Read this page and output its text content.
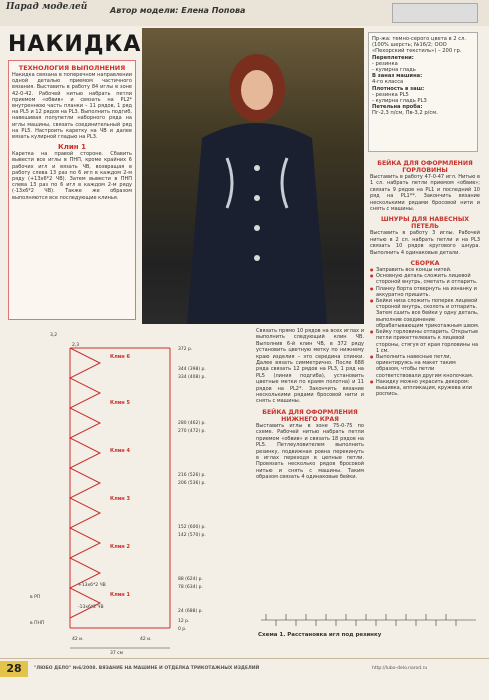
Парад моделей	Автор модели: Елена Попова
НАКИДКА
ТЕХНОЛОГИЯ ВЫПОЛНЕНИЯ
Накидка связана в поперечном направлении одной деталью приемом частичного вязания. Выставить в работу 84 иглы в зоне 42-0-42. Рабочей нитью набрать петли приемом «обвив» и связать на PL2* внутреннюю часть планки – 11 рядов, 1 ряд на PL5 и 12 рядов на PL3. Выполнить подгиб, навешивая полупетли наборного ряда на иглы машины, связать соединительный ряд на PL5. Настроить каретку на ЧВ и далее вязать кулирной гладью на PL3.
Клин 1
Каретка на правой стороне. Сбавить вывести все иглы в ПНП, кроме крайних 6 рабочих игл и вязать ЧВ, возвращая в работу слева 13 раз по 6 игл в каждом 2-м ряду (+13х6*2 ЧВ). Затем вывести в ПНП слева 13 раз по 6 игл в каждом 2-м ряду (-13х6*2 ЧВ). Также же образом выполняются все последующие клинья.
Пр-жа: темно-серого цвета в 2 сл. (100% шерсть; №16/2; ООО «Пехорский текстиль») – 200 гр.
Переплетени:
- резинка
- кулирна гладь
В заназ машина:
4-го класса
Плотность в заш:
- резинка PL5
- кулирна гладь PL3
Петельна проба:
Пг-2,3 п/см, Пв-3,2 р/см.
БЕЙКА ДЛЯ ОФОРМЛЕНИЯ ГОРЛОВИНЫ
Выставить в работу 47-0-47 игл. Нитью в 1 сл. набрать петли приемом «обвив»; связать 9 рядов на PL1 и последний 10 ряд на PL1**. Закончить вязание несколькими рядами бросовой нити и снять с машины.
ШНУРЫ ДЛЯ НАВЕСНЫХ ПЕТЕЛЬ
Выставить в работу 3 иглы. Рабочей нитью в 2 сл. набрать петли и на PL3 связать 10 рядов кругового шнура. Выполнить 4 одинаковые детали.
СБОРКА
● Заправить все концы нитей.
● Основную деталь сложить лицевой стороной внутрь, сметать и отпарить.
● Планку борта отвернуть на изнанку и аккуратно пришить.
● Бейки низа сложить поперек лицевой стороной внутрь, сколоть и отпарить. Затем сшить все бейки у одну деталь, выполнив соединение обрабатывающим трикотажным швом.
● Бейку горловины отпарить. Открытые петли прикеттелевать к лицевой стороны, стягуя от края горловины на 1 см.
● Выполнить навесные петли, ориентируясь на макет таким образом, чтобы петли соответствовали другим кнопочкам.
● Накидку можно украсить декором: вышивка, аппликация, кружева или роспись.
Связать прямо 10 рядов на всех иглах и выполнить следующий клин ЧВ. Выполнив 6-й клин ЧВ, в 372 ряду установить цветную метку по нижнему краю изделия – это середина спинки. Далее вязать симметрично. После 688 ряда связать 12 рядов на PL3, 1 ряд на PL5 (линия подгиба), установить цветные метки по краям полотна) и 11 рядов на PL2*. Закончить вязание несколькими рядами бросовой нити и снять с машины.
БЕЙКА ДЛЯ ОФОРМЛЕНИЯ НИЖНЕГО КРАЯ
Выставить иглы в зоне 75-0-75 по схеме. Рабочей нитью набрать петли приемом «обвив» и связать 18 рядов на PL5. Петлеуловителем выполнить резинку, подвижная ровна перекинуть в иглах переходя в цепные петли. Провязать несколько рядов бросовой нитью и снять с машины. Таким образом связать 4 одинаковые бейки.
Клин 6
Клин 5
Клин 4
Клин 3
Клин 2
Клин 1
372 р.
344 (398) р.
334 (408) р.
280 (462) р.
270 (472) р.
216 (526) р.
206 (536) р.
152 (600) р.
142 (570) р.
88 (624) р.
78 (634) р.
24 (688) р.
12 р.
0 р.
в РП
в ПНП
42 и.	42 и.
+13х6*2 ЧВ
-13х6*2 ЧВ
3,2
2,3
37 см
Схема 1. Расстановка игл под резинку
28	"ЛЮБО ДЕЛО" №6/2008. ВЯЗАНИЕ НА МАШИНЕ И ОТДЕЛКА ТРИКОТАЖНЫХ ИЗДЕЛИЙ	http://lubo-delo.narod.ru
